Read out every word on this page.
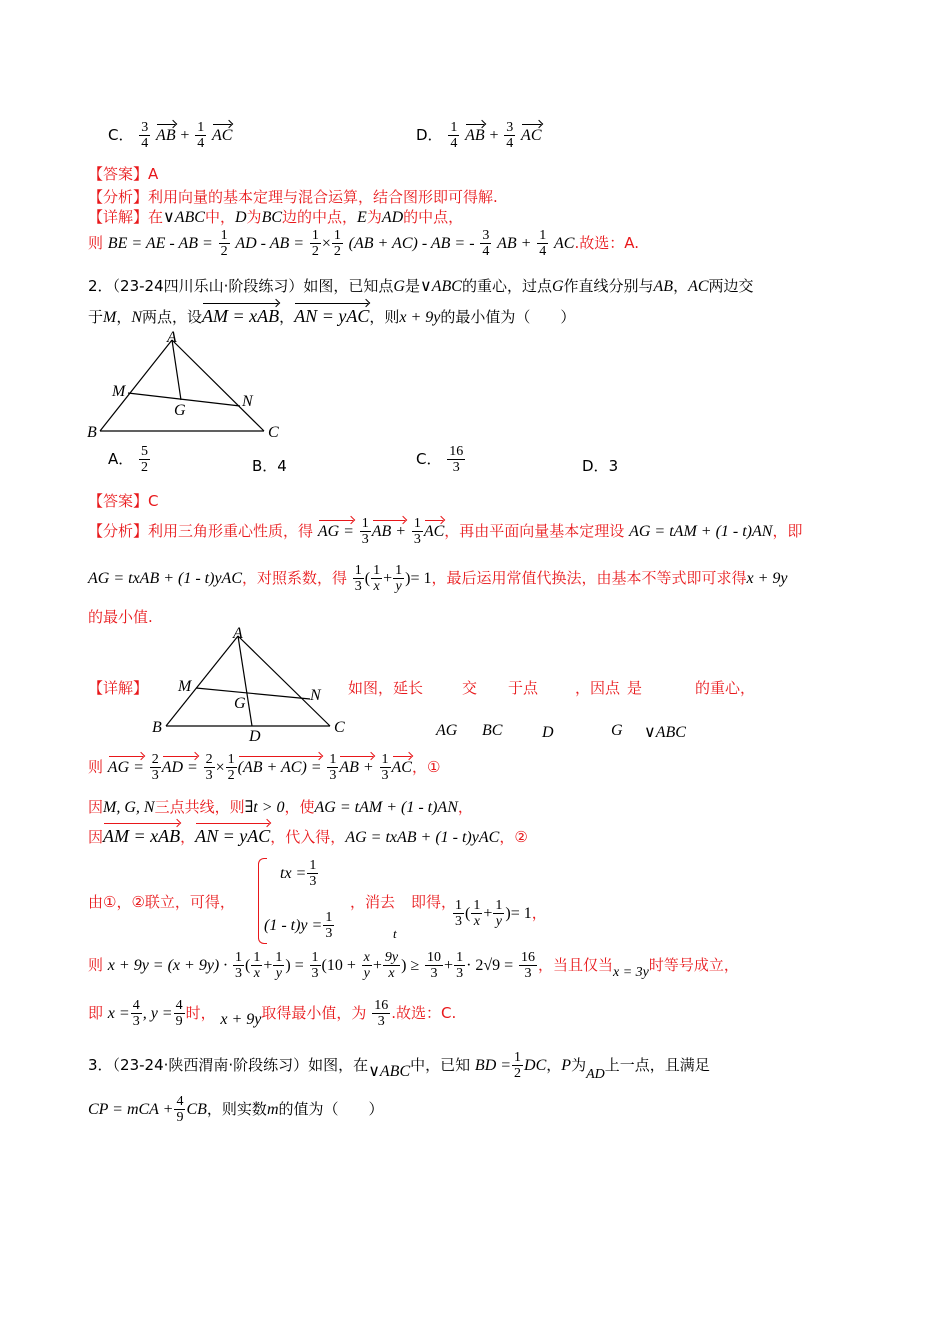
C． $\frac{3}{4}$ AB + $\frac{1}{4}$ AC	D． $\frac{1}{4}$ AB + $\frac{3}{4}$ AC
【答案】A
【分析】利用向量的基本定理与混合运算，结合图形即可得解.
【详解】在∨ABC中，D为BC边的中点，E为AD的中点，
则 BE = AE - AB = $\frac{1}{2}$ AD - AB = $\frac{1}{2} \times \frac{1}{2} (AB + AC)$ - AB = - $\frac{3}{4}$ AB + $\frac{1}{4}$ AC.故选：A.
2．（23-24四川乐山·阶段练习）如图，已知点G是∨ABC的重心，过点G作直线分别与AB，AC两边交
于M，N两点，设AM = xAB，AN = yAC，则x + 9y的最小值为（　　）
A
M
G
N
B	C
A． $\frac{5}{2}$	B．4	C． $\frac{16}{3}$	D．3
【答案】C
【分析】利用三角形重心性质，得 AG = $\frac{1}{3}$ AB + $\frac{1}{3}$ AC，再由平面向量基本定理设 AG = tAM + (1 - t)AN，即
AG = txAB + (1 - t)yAC，对照系数，得 $\frac{1}{3}$ ( $\frac{1}{x} + \frac{1}{y}$ )= 1，最后运用常值代换法，由基本不等式即可求得x + 9y
的最小值.
A
M
G	N
B
D
C
【详解】	如图，延长	交 于点 ，因点 是	的重心，
AG BC D	G ∨ABC
则 AG = $\frac{2}{3}$ AD = $\frac{2}{3} \times \frac{1}{2} (AB + AC) = \frac{1}{3}$ AB + $\frac{1}{3}$ AC，①
因M, G, N三点共线，则∃t > 0，使AG = tAM + (1 - t)AN，
因AM = xAB，AN = yAC，代入得，AG = txAB + (1 - t)yAC，②
由①，②联立，可得，
tx = $\frac{1}{3}$
$(1 - t)y = \frac{1}{3}$
，消去 即得，
t
$\frac{1}{3}$ ( $\frac{1}{x} + \frac{1}{y}$ )= 1，
则 $x + 9y = (x + 9y) \cdot \frac{1}{3}$ ( $\frac{1}{x} + \frac{1}{y}$ ) = $\frac{1}{3} (10 + \frac{x}{y} + \frac{9y}{x}$ ) ≥ $\frac{10}{3} + \frac{1}{3} \cdot 2√9 = \frac{16}{3}$ ，当且仅当x = 3y时等号成立，
即 $x = \frac{4}{3}$ , $y = \frac{4}{9}$ 时， x + 9y取得最小值，为 $\frac{16}{3}$ .故选：C.
3．（23-24·陕西渭南·阶段练习）如图，在∨ABC中，已知 BD = $\frac{1}{2}$ DC，P为AD上一点，且满足
CP = mCA + $\frac{4}{9}$ CB，则实数m的值为（　　）
